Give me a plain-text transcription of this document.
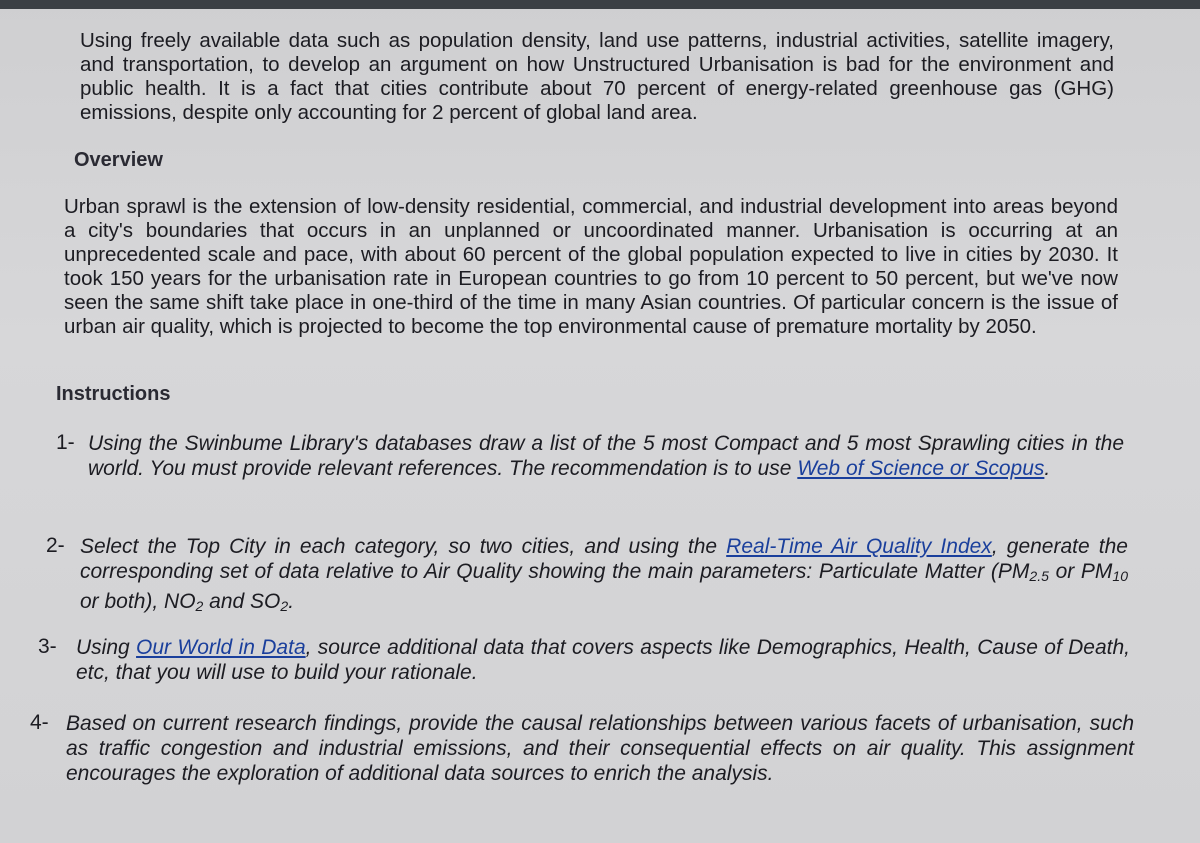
Using freely available data such as population density, land use patterns, industrial activities, satellite imagery, and transportation, to develop an argument on how Unstructured Urbanisation is bad for the environment and public health. It is a fact that cities contribute about 70 percent of energy-related greenhouse gas (GHG) emissions, despite only accounting for 2 percent of global land area.

Overview

Urban sprawl is the extension of low-density residential, commercial, and industrial development into areas beyond a city's boundaries that occurs in an unplanned or uncoordinated manner. Urbanisation is occurring at an unprecedented scale and pace, with about 60 percent of the global population expected to live in cities by 2030. It took 150 years for the urbanisation rate in European countries to go from 10 percent to 50 percent, but we've now seen the same shift take place in one-third of the time in many Asian countries. Of particular concern is the issue of urban air quality, which is projected to become the top environmental cause of premature mortality by 2050.

Instructions
1- Using the Swinbume Library's databases draw a list of the 5 most Compact and 5 most Sprawling cities in the world. You must provide relevant references. The recommendation is to use Web of Science or Scopus.
2- Select the Top City in each category, so two cities, and using the Real-Time Air Quality Index, generate the corresponding set of data relative to Air Quality showing the main parameters: Particulate Matter ($PM_{2.5}$ or $PM_{10}$ or both), $NO_2$ and $SO_2$.
3- Using Our World in Data, source additional data that covers aspects like Demographics, Health, Cause of Death, etc, that you will use to build your rationale.
4- Based on current research findings, provide the causal relationships between various facets of urbanisation, such as traffic congestion and industrial emissions, and their consequential effects on air quality. This assignment encourages the exploration of additional data sources to enrich the analysis.
